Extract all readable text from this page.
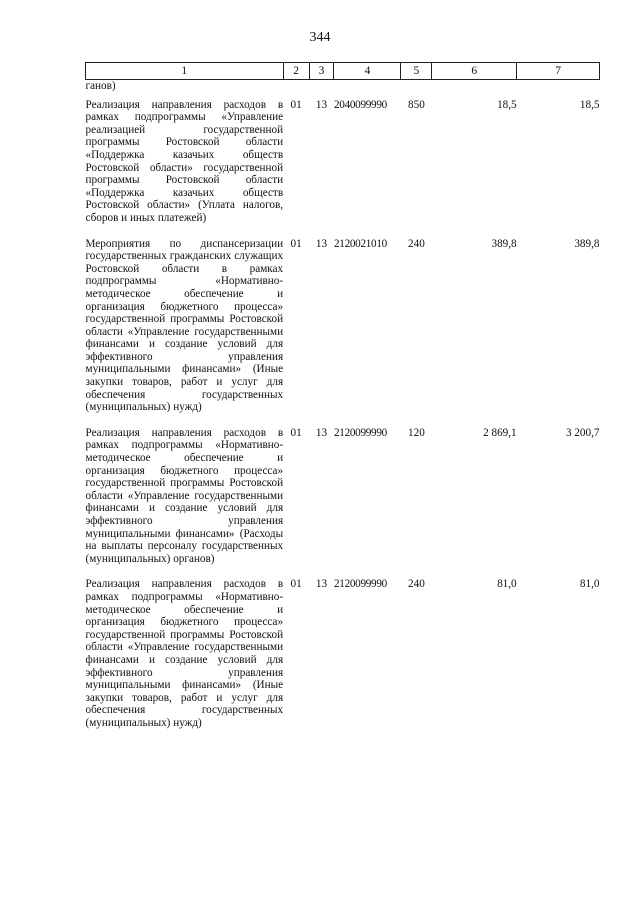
344
1	2	3	4	5	6	7
ганов)						
Реализация направления расходов в рамках подпрограммы «Управление реализацией государственной программы Ростовской области «Поддержка казачьих обществ Ростовской области» государственной программы Ростовской области «Поддержка казачьих обществ Ростовской области» (Уплата налогов, сборов и иных платежей)	01	13	2040099990	850	18,5	18,5
Мероприятия по диспансеризации государственных гражданских служащих Ростовской области в рамках подпрограммы «Нормативно-методическое обеспечение и организация бюджетного процесса» государственной программы Ростовской области «Управление государственными финансами и создание условий для эффективного управления муниципальными финансами» (Иные закупки товаров, работ и услуг для обеспечения государственных (муниципальных) нужд)	01	13	2120021010	240	389,8	389,8
Реализация направления расходов в рамках подпрограммы «Нормативно-методическое обеспечение и организация бюджетного процесса» государственной программы Ростовской области «Управление государственными финансами и создание условий для эффективного управления муниципальными финансами» (Расходы на выплаты персоналу государственных (муниципальных) органов)	01	13	2120099990	120	2 869,1	3 200,7
Реализация направления расходов в рамках подпрограммы «Нормативно-методическое обеспечение и организация бюджетного процесса» государственной программы Ростовской области «Управление государственными финансами и создание условий для эффективного управления муниципальными финансами» (Иные закупки товаров, работ и услуг для обеспечения государственных (муниципальных) нужд)	01	13	2120099990	240	81,0	81,0
